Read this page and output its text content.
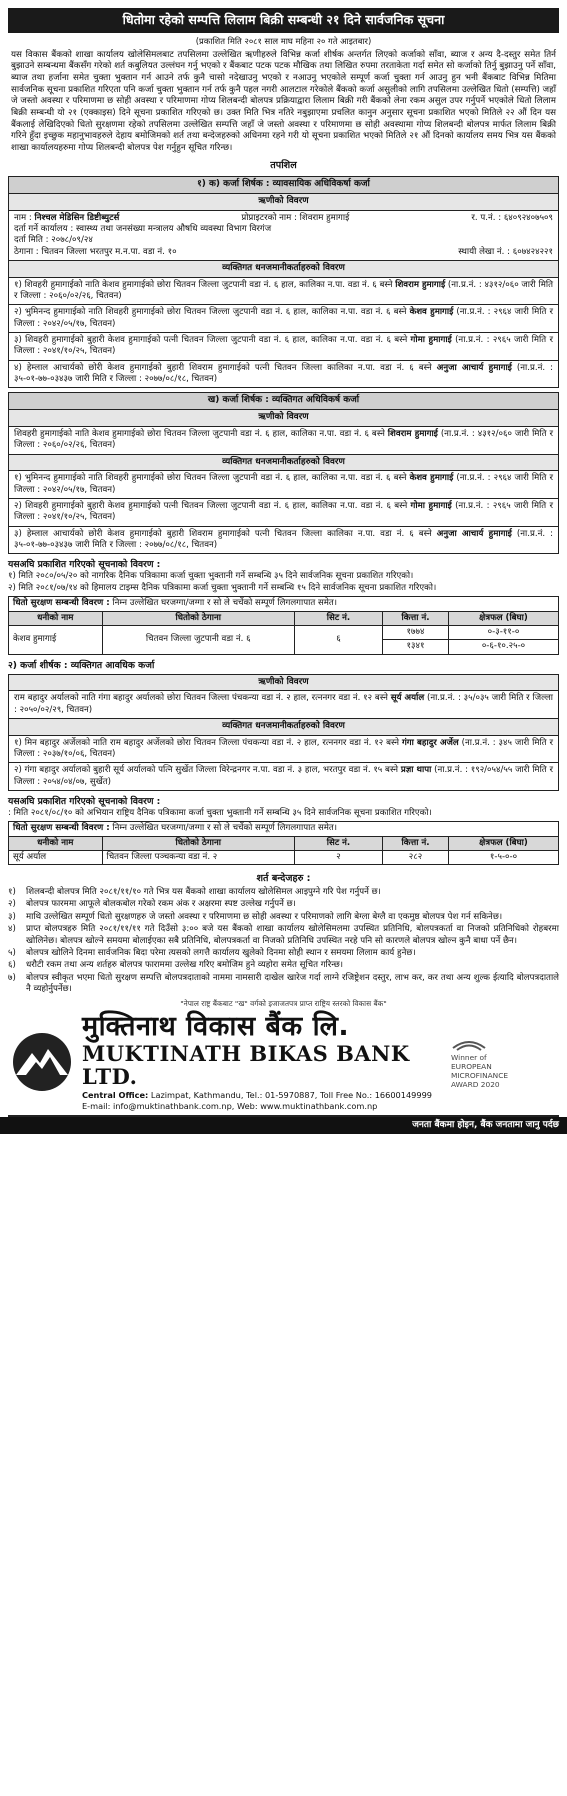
धितोमा रहेको सम्पत्ति लिलाम बिक्री सम्बन्धी २१ दिने सार्वजनिक सूचना
(प्रकाशित मिति २०८१ साल माघ महिना २० गते आइतबार)
यस विकास बैंकको शाखा कार्यालय खोलेसिमलबाट तपसिलमा उल्लेखित ऋणीहरुले विभिन्न कर्जा शीर्षक अन्तर्गत लिएको कर्जाको साँवा, ब्याज र अन्य दै-दस्तुर समेत तिर्न बुझाउने सम्बन्धमा बैंकसँग गरेको शर्त कबुलियत उल्लंघन गर्नु भएको र बैंकबाट पटक पटक मौखिक तथा लिखित रुपमा तरताकेता गर्दा समेत सो कर्जाको तिर्नु बुझाउनु पर्ने साँवा, ब्याज तथा हर्जाना समेत चुक्ता भुक्तान गर्न आउने तर्फ कुनै चासो नदेखाउनु भएको र नआउनु भएकोले सम्पूर्ण कर्जा चुक्ता गर्न आउनु हुन भनी बैंकबाट विभिन्न मितिमा सार्वजनिक सूचना प्रकाशित गरिएता पनि कर्जा चुक्ता भुक्तान गर्न तर्फ कुनै पहल नगरी आलटाल गरेकोले बैंकको कर्जा असुलीको लागि तपसिलमा उल्लेखित धितो (सम्पत्ति) जहाँ जे जस्तो अवस्था र परिमाणमा छ सोही अवस्था र परिमाणमा गोप्य शिलबन्दी बोलपत्र प्रक्रियाद्वारा लिलाम बिक्री गरी बैंकको लेना रकम असुल उपर गर्नुपर्ने भएकोले धितो लिलाम बिक्री सम्बन्धी यो २१ (एक्काइस) दिने सूचना प्रकाशित गरिएको छ। उक्त मिति भित्र नतिरे नबुझाएमा प्रचलित कानुन अनुसार सूचना प्रकाशित भएको मितिले २२ औं दिन यस बैंकलाई लेखिदिएको धितो सुरक्षणमा रहेको तपसिलमा उल्लेखित सम्पत्ति जहाँ जे जस्तो अवस्था र परिमाणमा छ सोही अवस्थामा गोप्य शिलबन्दी बोलपत्र मार्फत लिलाम बिक्री गरिने हुँदा इच्छुक महानुभावहरुले देहाय बमोजिमको शर्त तथा बन्देजहरुको अधिनमा रहने गरी यो सूचना प्रकाशित भएको मितिले २१ औं दिनको कार्यालय समय भित्र यस बैंकको शाखा कार्यालयहरुमा गोप्य शिलबन्दी बोलपत्र पेश गर्नुहुन सूचित गरिन्छ।
तपशिल
१) क) कर्जा शिर्षक : व्यावसायिक अधिविकर्षा कर्जा
ऋणीको विवरण
नाम : निश्चल मेडिसिन डिष्टीब्युटर्स	प्रोप्राइटरको नाम : शिवराम हुमागाई	र. प.नं. : ६४०९२४०७५०९
दर्ता गर्ने कार्यालय : स्वास्थ्य तथा जनसंख्या मन्त्रालय औषधि व्यवस्था विभाग विरगंज
दर्ता मिति : २०७८/०९/२४
ठेगाना : चितवन जिल्ला भरतपुर म.न.पा. वडा नं. १०	स्थायी लेखा नं. : ६०७४२४२२१
व्यक्तिगत धनजमानीकर्ताहरुको विवरण
१) शिवहरी हुमागाईको नाति केशव हुमागाईको छोरा चितवन जिल्ला जुटपानी वडा नं. ६ हाल, कालिका न.पा. वडा नं. ६ बस्ने शिवराम हुमागाई (ना.प्र.नं. : ४३१२/०६० जारी मिति र जिल्ला : २०६०/०२/२६, चितवन)
२) भुमिनन्द हुमागाईको नाति शिवहरी हुमागाईको छोरा चितवन जिल्ला जुटपानी वडा नं. ६ हाल, कालिका न.पा. वडा नं. ६ बस्ने केशव हुमागाई (ना.प्र.नं. : २९६४ जारी मिति र जिल्ला : २०४२/०५/१७, चितवन)
३) शिवहरी हुमागाईको बुहारी केशव हुमागाईको पत्नी चितवन जिल्ला जुटपानी वडा नं. ६ हाल, कालिका न.पा. वडा नं. ६ बस्ने गोमा हुमागाई (ना.प्र.नं. : २९६५ जारी मिति र जिल्ला : २०४१/१०/२५, चितवन)
४) हेम्लाल आचार्यको छोरी केशव हुमागाईको बुहारी शिवराम हुमागाईको पत्नी चितवन जिल्ला कालिका न.पा. वडा नं. ६ बस्ने अनुजा आचार्य हुमागाई (ना.प्र.नं. : ३५-०१-७७-०३४३७ जारी मिति र जिल्ला : २०७७/०८/१८, चितवन)
ख) कर्जा शिर्षक : व्यक्तिगत अधिविकर्ष कर्जा
ऋणीको विवरण
शिवहरी हुमागाईको नाति केशव हुमागाईको छोरा चितवन जिल्ला जुटपानी वडा नं. ६ हाल, कालिका न.पा. वडा नं. ६ बस्ने शिवराम हुमागाई (ना.प्र.नं. : ४३१२/०६० जारी मिति र जिल्ला : २०६०/०२/२६, चितवन)
व्यक्तिगत धनजमानीकर्ताहरुको विवरण
१) भुमिनन्द हुमागाईको नाति शिवहरी हुमागाईको छोरा चितवन जिल्ला जुटपानी वडा नं. ६ हाल, कालिका न.पा. वडा नं. ६ बस्ने केशव हुमागाई (ना.प्र.नं. : २९६४ जारी मिति र जिल्ला : २०४२/०५/१७, चितवन)
२) शिवहरी हुमागाईको बुहारी केशव हुमागाईको पत्नी चितवन जिल्ला जुटपानी वडा नं. ६ हाल, कालिका न.पा. वडा नं. ६ बस्ने गोमा हुमागाई (ना.प्र.नं. : २९६५ जारी मिति र जिल्ला : २०४१/१०/२५, चितवन)
३) हेम्लाल आचार्यको छोरी केशव हुमागाईको बुहारी शिवराम हुमागाईको पत्नी चितवन जिल्ला कालिका न.पा. वडा नं. ६ बस्ने अनुजा आचार्य हुमागाई (ना.प्र.नं. : ३५-०१-७७-०३४३७ जारी मिति र जिल्ला : २०७७/०८/१८, चितवन)
यसअघि प्रकाशित गरिएको सूचनाको विवरण :
१) मिति २०८०/०५/२० को नागरिक दैनिक पत्रिकामा कर्जा चुक्ता भुक्तानी गर्ने सम्बन्धि ३५ दिने सार्वजनिक सूचना प्रकाशित गरिएको।
२) मिति २०८१/०७/१४ को हिमालय टाइम्स दैनिक पत्रिकामा कर्जा चुक्ता भुक्तानी गर्ने सम्बन्धि १५ दिने सार्वजनिक सूचना प्रकाशित गरिएको।
धितो सुरक्षण सम्बन्धी विवरण : निम्न उल्लेखित घरजग्गा/जग्गा र सो ले चर्चेको सम्पूर्ण लिगलगापात समेत।				
धनीको नाम	धितोको ठेगाना	सिट नं.	कित्ता नं.	क्षेत्रफल (बिघा)
केशव हुमागाई	चितवन जिल्ला जुटपानी वडा नं. ६	६	१७७४	०-३-११-०
			१३४१	०-६-१०.२५-०
२) कर्जा शीर्षक : व्यक्तिगत आवधिक कर्जा
ऋणीको विवरण
राम बहादुर अर्यालको नाति गंगा बहादुर अर्यालको छोरा चितवन जिल्ला पंचकन्या वडा नं. २ हाल, रत्ननगर वडा नं. १२ बस्ने सूर्य अर्याल (ना.प्र.नं. : ३५/०३५ जारी मिति र जिल्ला : २०५०/०२/२९, चितवन)
व्यक्तिगत धनजमानीकर्ताहरुको विवरण
१) मिन बहादुर अर्जेलको नाति राम बहादुर अर्जेलको छोरा चितवन जिल्ला पंचकन्या वडा नं. २ हाल, रत्ननगर वडा नं. १२ बस्ने गंगा बहादुर अर्जेल (ना.प्र.नं. : ३४५ जारी मिति र जिल्ला : २०३७/१०/०६, चितवन)
२) गंगा बहादुर अर्यालको बुहारी सूर्य अर्यालको पत्नि सुर्खेत जिल्ला विरेन्द्रनगर न.पा. वडा नं. ३ हाल, भरतपुर वडा नं. १५ बस्ने प्रज्ञा थापा (ना.प्र.नं. : १९२/०५४/५५ जारी मिति र जिल्ला : २०५४/०४/०७, सुर्खेत)
यसअघि प्रकाशित गरिएको सूचनाको विवरण :
: मिति २०८१/०८/१० को अभियान राष्ट्रिय दैनिक पत्रिकामा कर्जा चुक्ता भुक्तानी गर्ने सम्बन्धि ३५ दिने सार्वजनिक सूचना प्रकाशित गरिएको।
धितो सुरक्षण सम्बन्धी विवरण : निम्न उल्लेखित घरजग्गा/जग्गा र सो ले चर्चेको सम्पूर्ण लिगलगापात समेत।				
धनीको नाम	धितोको ठेगाना	सिट नं.	कित्ता नं.	क्षेत्रफल (बिघा)
सूर्य अर्याल	चितवन जिल्ला पञ्चकन्या वडा नं. २	२	२८२	१-५-०-०
शर्त बन्देजहरु :
१)	शिलबन्दी बोलपत्र मिति २०८१/११/१० गते भित्र यस बैंकको शाखा कार्यालय खोलेसिमल आइपुग्ने गरि पेश गर्नुपर्ने छ।
२)	बोलपत्र फारममा आफूले बोलकबोल गरेको रकम अंक र अक्षरमा स्पष्ट उल्लेख गर्नुपर्ने छ।
३)	माथि उल्लेखित सम्पूर्ण धितो सुरक्षणहरु जे जस्तो अवस्था र परिमाणमा छ सोही अवस्था र परिमाणको लागि बेग्ला बेग्लै वा एकमुष्ठ बोलपत्र पेश गर्न सकिनेछ।
४)	प्राप्त बोलपत्रहरु मिति २०८१/११/११ गते दिउँसो ३:०० बजे यस बैंकको शाखा कार्यालय खोलेसिमलमा उपस्थित प्रतिनिधि, बोलपत्रकर्ता वा निजको प्रतिनिधिको रोहबरमा खोलिनेछ। बोलपत्र खोल्ने समयमा बोलाईएका सबै प्रतिनिधि, बोलपत्रकर्ता वा निजको प्रतिनिधि उपस्थित नरहे पनि सो कारणले बोलपत्र खोल्न कुनै बाधा पर्ने छैन।
५)	बोलपत्र खोलिने दिनमा सार्वजनिक बिदा परेमा त्यसको लगत्तै कार्यालय खुलेको दिनमा सोही स्थान र समयमा लिलाम कार्य हुनेछ।
६)	धरौटी रकम तथा अन्य शर्तहरु बोलपत्र फाराममा उल्लेख गरिए बमोजिम हुने व्यहोरा समेत सूचित गरिन्छ।
७)	बोलपत्र स्वीकृत भएमा धितो सुरक्षण सम्पत्ति बोलपत्रदाताको नाममा नामसारी दाखेल खारेज गर्दा लाग्ने रजिष्ट्रेशन दस्तुर, लाभ कर, कर तथा अन्य शुल्क ईत्यादि बोलपत्रदाताले नै व्यहोर्नुपर्नेछ।
"नेपाल राष्ट्र बैंकबाट "ख" वर्गको इजाजतपत्र प्राप्त राष्ट्रिय स्तरको विकास बैंक"
मुक्तिनाथ विकास बैंक लि.
MUKTINATH BIKAS BANK LTD.
Central Office: Lazimpat, Kathmandu, Tel.: 01-5970887, Toll Free No.: 16600149999
E-mail: info@muktinathbank.com.np, Web: www.muktinathbank.com.np
Winner of
EUROPEAN
MICROFINANCE
AWARD 2020
जनता बैंकमा होइन, बैंक जनतामा जानु पर्दछ
